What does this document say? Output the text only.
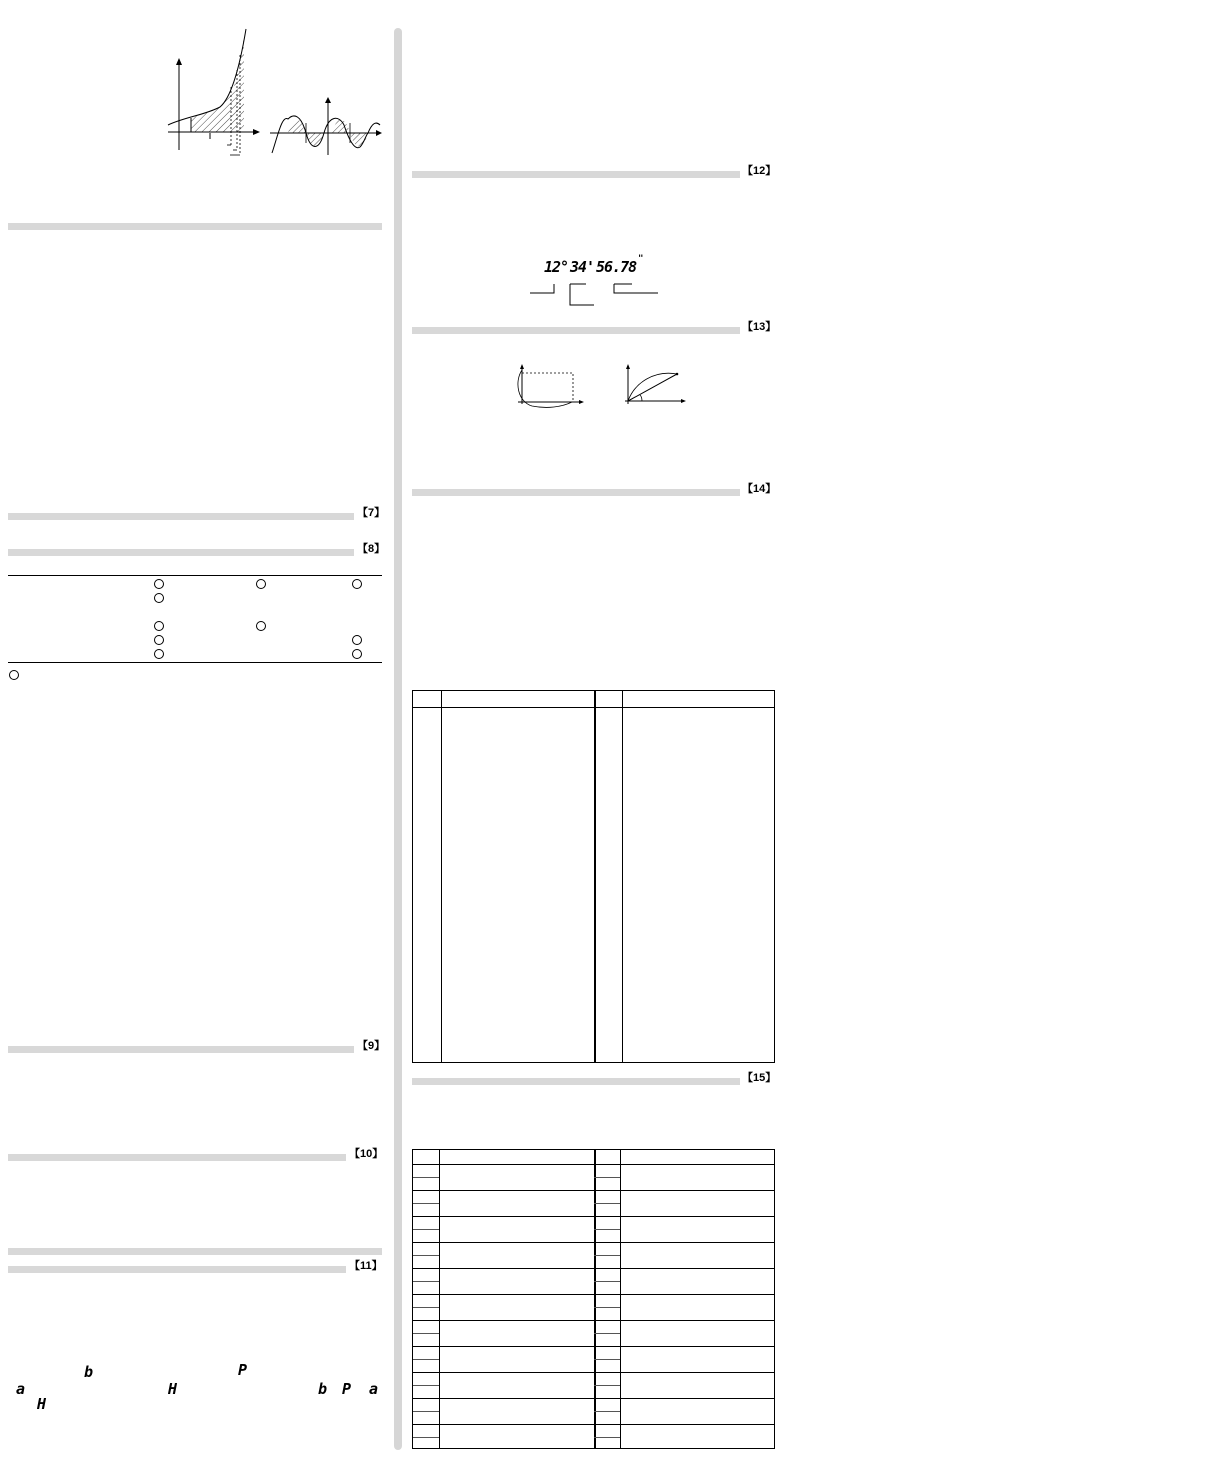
【7】
【8】
【9】
【10】
【11】
b	P
a	H	b P a
H
【12】
12° 34' 56.78 "
【13】
【14】
【15】
